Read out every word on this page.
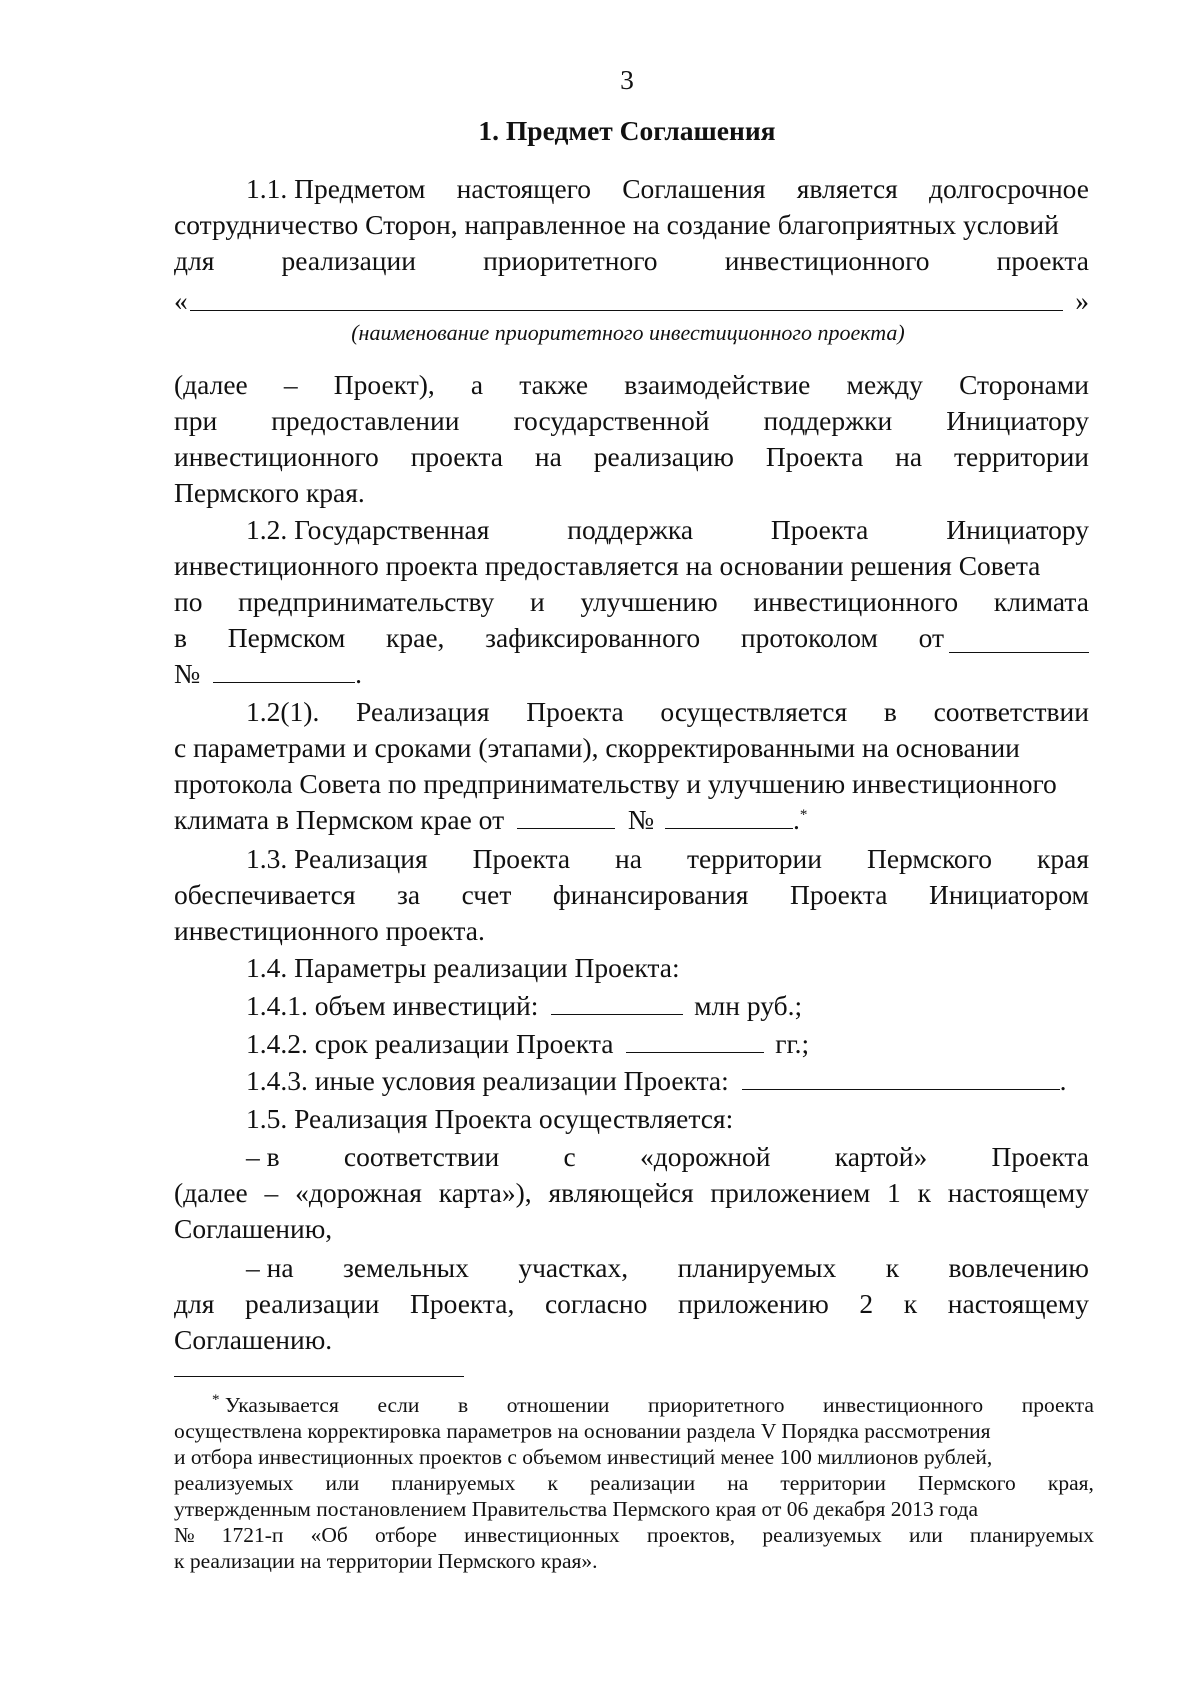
3
1. Предмет Соглашения
1.1. Предметом настоящего Соглашения является долгосрочное
сотрудничество Сторон, направленное на создание благоприятных условий
для реализации приоритетного инвестиционного проекта
«	»
(наименование приоритетного инвестиционного проекта)
(далее – Проект), а также взаимодействие между Сторонами
при предоставлении государственной поддержки Инициатору
инвестиционного проекта на реализацию Проекта на территории
Пермского края.
1.2. Государственная	поддержка	Проекта	Инициатору
инвестиционного проекта предоставляется на основании решения Совета
по предпринимательству и улучшению инвестиционного климата
в Пермском крае, зафиксированного протоколом от
№	.
1.2(1). Реализация Проекта осуществляется в соответствии
с параметрами и сроками (этапами), скорректированными на основании
протокола Совета по предпринимательству и улучшению инвестиционного
климата в Пермском крае от	№	.*
1.3. Реализация Проекта на территории Пермского края
обеспечивается за счет финансирования Проекта Инициатором
инвестиционного проекта.
1.4. Параметры реализации Проекта:
1.4.1. объем инвестиций:	млн руб.;
1.4.2. срок реализации Проекта	гг.;
1.4.3. иные условия реализации Проекта:	.
1.5. Реализация Проекта осуществляется:
– в соответствии с «дорожной картой» Проекта
(далее – «дорожная карта»), являющейся приложением 1 к настоящему
Соглашению,
– на земельных участках, планируемых к вовлечению
для реализации Проекта, согласно приложению 2 к настоящему
Соглашению.
* Указывается если в отношении приоритетного инвестиционного проекта
осуществлена корректировка параметров на основании раздела V Порядка рассмотрения
и отбора инвестиционных проектов с объемом инвестиций менее 100 миллионов рублей,
реализуемых или планируемых к реализации на территории Пермского края,
утвержденным постановлением Правительства Пермского края от 06 декабря 2013 года
№ 1721-п «Об отборе инвестиционных проектов, реализуемых или планируемых
к реализации на территории Пермского края».
